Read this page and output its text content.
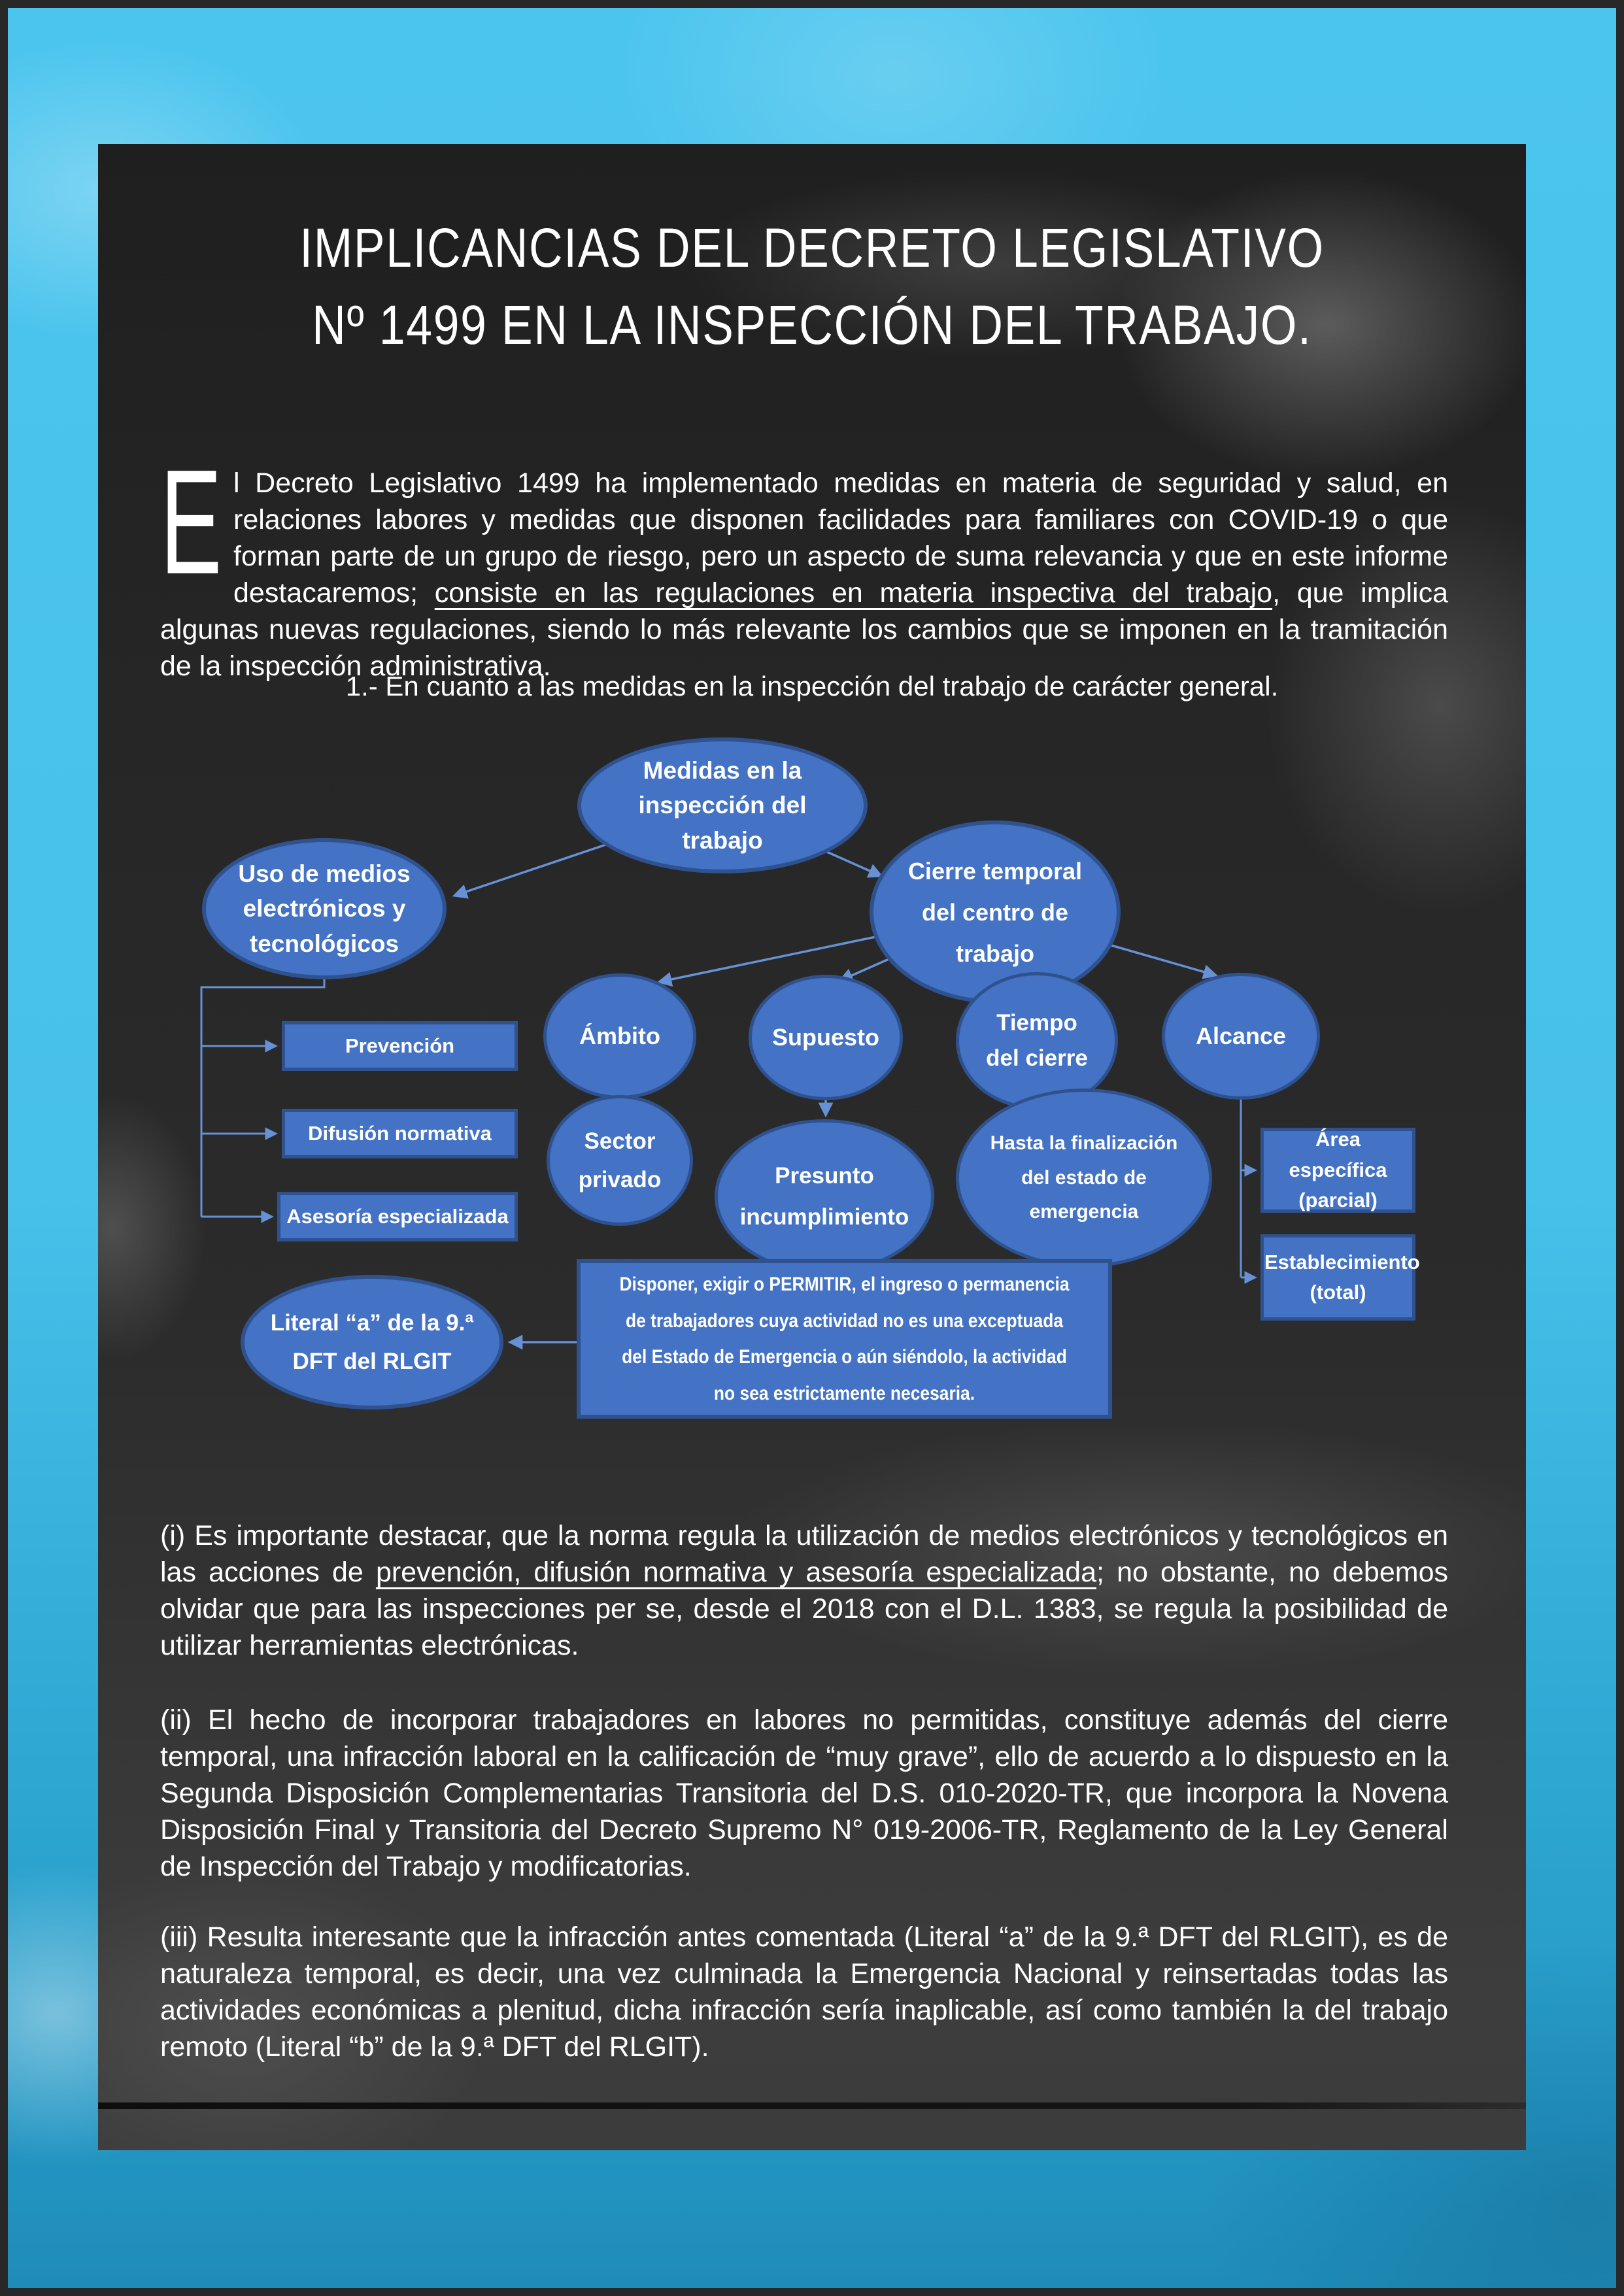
IMPLICANCIAS DEL DECRETO LEGISLATIVO
Nº 1499 EN LA INSPECCIÓN DEL TRABAJO.

E l Decreto Legislativo 1499 ha implementado medidas en materia de seguridad y salud, en relaciones labores y medidas que disponen facilidades para familiares con COVID-19 o que forman parte de un grupo de riesgo, pero un aspecto de suma relevancia y que en este informe destacaremos; consiste en las regulaciones en materia inspectiva del trabajo, que implica algunas nuevas regulaciones, siendo lo más relevante los cambios que se imponen en la tramitación de la inspección administrativa.

1.- En cuanto a las medidas en la inspección del trabajo de carácter general.
Medidas en la inspección del trabajo
Uso de medios electrónicos y tecnológicos
Cierre temporal del centro de trabajo
Prevención
Difusión normativa
Asesoría especializada
Ámbito	Supuesto
Tiempo del cierre
Alcance
Sector privado	Presunto incumplimiento
Hasta la finalización del estado de emergencia
Área específica (parcial)
Establecimiento (total)
Literal “a” de la 9.ª DFT del RLGIT
Disponer, exigir o PERMITIR, el ingreso o permanencia de trabajadores cuya actividad no es una exceptuada del Estado de Emergencia o aún siéndolo, la actividad no sea estrictamente necesaria.

(i) Es importante destacar, que la norma regula la utilización de medios electrónicos y tecnológicos en las acciones de prevención, difusión normativa y asesoría especializada; no obstante, no debemos olvidar que para las inspecciones per se, desde el 2018 con el D.L. 1383, se regula la posibilidad de utilizar herramientas electrónicas.

(ii) El hecho de incorporar trabajadores en labores no permitidas, constituye además del cierre temporal, una infracción laboral en la calificación de “muy grave”, ello de acuerdo a lo dispuesto en la Segunda Disposición Complementarias Transitoria del D.S. 010-2020-TR, que incorpora la Novena Disposición Final y Transitoria del Decreto Supremo N° 019-2006-TR, Reglamento de la Ley General de Inspección del Trabajo y modificatorias.

(iii) Resulta interesante que la infracción antes comentada (Literal “a” de la 9.ª DFT del RLGIT), es de naturaleza temporal, es decir, una vez culminada la Emergencia Nacional y reinsertadas todas las actividades económicas a plenitud, dicha infracción sería inaplicable, así como también la del trabajo remoto (Literal “b” de la 9.ª DFT del RLGIT).
